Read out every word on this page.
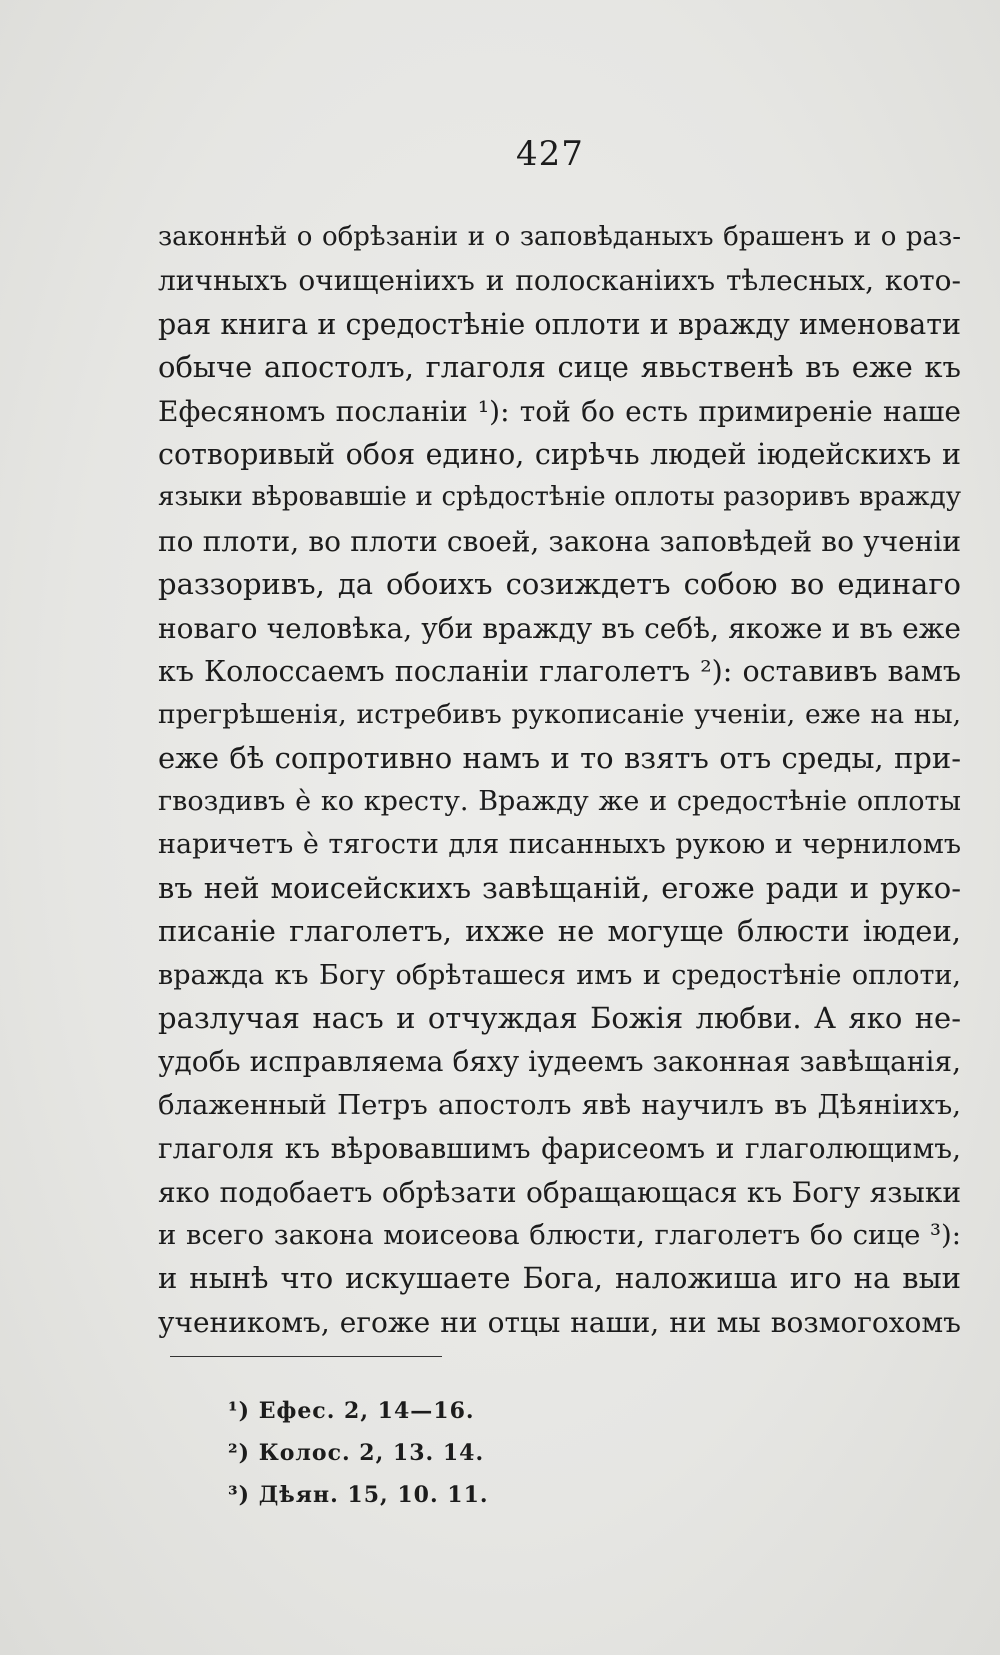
427
законнѣй о обрѣзаніи и о заповѣданыхъ брашенъ и о раз-
личныхъ очищеніихъ и полосканіихъ тѣлесных, кото-
рая книга и средостѣніе оплоти и вражду именовати
обыче апостолъ, глаголя сице явьственѣ въ еже къ
Ефесяномъ посланіи ¹): той бо есть примиреніе наше
сотворивый обоя едино, сирѣчь людей іюдейскихъ и
языки вѣровавшіе и срѣдостѣніе оплоты разоривъ вражду
по плоти, во плоти своей, закона заповѣдей во ученіи
раззоривъ, да обоихъ созиждетъ собою во единаго
новаго человѣка, уби вражду въ себѣ, якоже и въ еже
къ Колоссаемъ посланіи глаголетъ ²): оставивъ вамъ
прегрѣшенія, истребивъ рукописаніе ученіи, еже на ны,
еже бѣ сопротивно намъ и то взятъ отъ среды, при-
гвоздивъ ѐ ко кресту. Вражду же и средостѣніе оплоты
наричетъ ѐ тягости для писанныхъ рукою и черниломъ
въ ней моисейскихъ завѣщаній, егоже ради и руко-
писаніе глаголетъ, ихже не могуще блюсти іюдеи,
вражда къ Богу обрѣташеся имъ и средостѣніе оплоти,
разлучая насъ и отчуждая Божія любви. А яко не-
удобь исправляема бяху іудеемъ законная завѣщанія,
блаженный Петръ апостолъ явѣ научилъ въ Дѣяніихъ,
глаголя къ вѣровавшимъ фарисеомъ и глаголющимъ,
яко подобаетъ обрѣзати обращающася къ Богу языки
и всего закона моисеова блюсти, глаголетъ бо сице ³):
и нынѣ что искушаете Бога, наложиша иго на выи
ученикомъ, егоже ни отцы наши, ни мы возмогохомъ
¹) Ефес. 2, 14—16.
²) Колос. 2, 13. 14.
³) Дѣян. 15, 10. 11.
